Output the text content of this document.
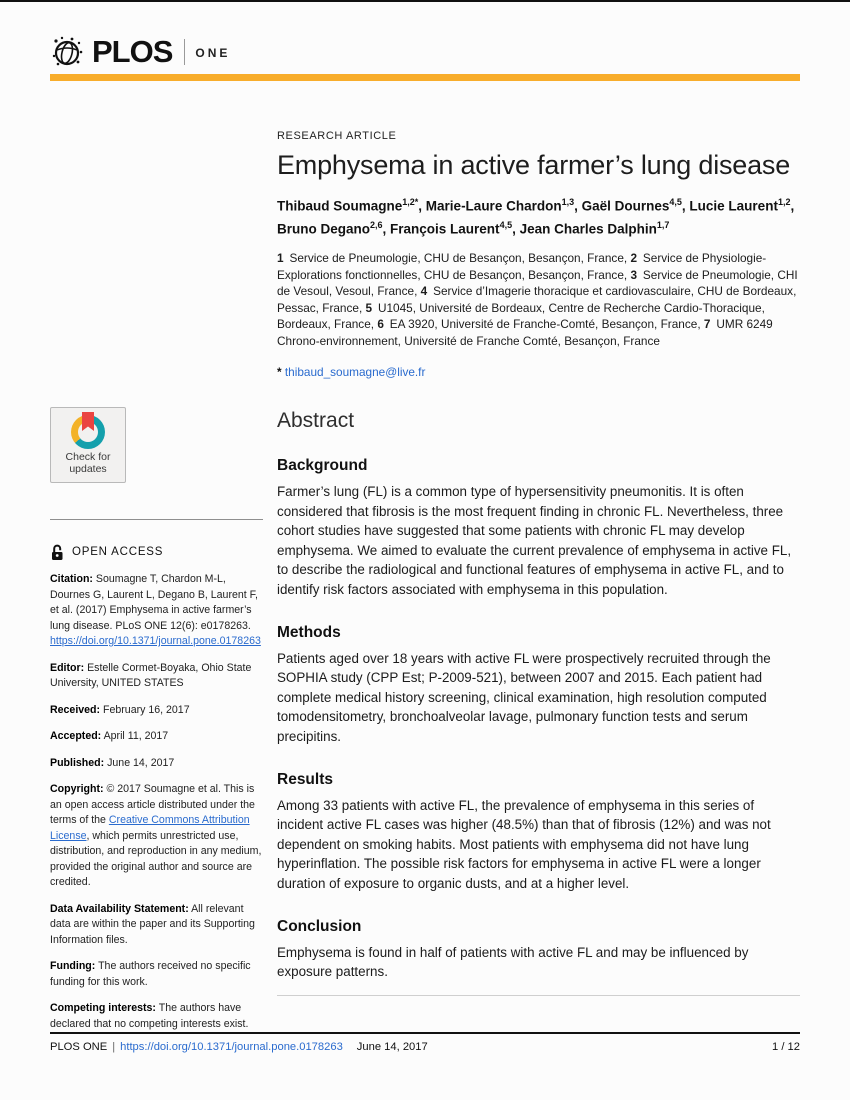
PLOS ONE
Check for
updates
OPEN ACCESS

Citation: Soumagne T, Chardon M-L, Dournes G, Laurent L, Degano B, Laurent F, et al. (2017) Emphysema in active farmer’s lung disease. PLoS ONE 12(6): e0178263. https://doi.org/10.1371/journal.pone.0178263

Editor: Estelle Cormet-Boyaka, Ohio State University, UNITED STATES

Received: February 16, 2017

Accepted: April 11, 2017

Published: June 14, 2017

Copyright: © 2017 Soumagne et al. This is an open access article distributed under the terms of the Creative Commons Attribution License, which permits unrestricted use, distribution, and reproduction in any medium, provided the original author and source are credited.

Data Availability Statement: All relevant data are within the paper and its Supporting Information files.

Funding: The authors received no specific funding for this work.

Competing interests: The authors have declared that no competing interests exist.

RESEARCH ARTICLE
Emphysema in active farmer’s lung disease

Thibaud Soumagne$^{1,2*}$, Marie-Laure Chardon$^{1,3}$, Gaël Dournes$^{4,5}$, Lucie Laurent$^{1,2}$, Bruno Degano$^{2,6}$, François Laurent$^{4,5}$, Jean Charles Dalphin$^{1,7}$

1 Service de Pneumologie, CHU de Besançon, Besançon, France, 2 Service de Physiologie-Explorations fonctionnelles, CHU de Besançon, Besançon, France, 3 Service de Pneumologie, CHI de Vesoul, Vesoul, France, 4 Service d’Imagerie thoracique et cardiovasculaire, CHU de Bordeaux, Pessac, France, 5 U1045, Université de Bordeaux, Centre de Recherche Cardio-Thoracique, Bordeaux, France, 6 EA 3920, Université de Franche-Comté, Besançon, France, 7 UMR 6249 Chrono-environnement, Université de Franche Comté, Besançon, France

* thibaud_soumagne@live.fr

Abstract
Background

Farmer’s lung (FL) is a common type of hypersensitivity pneumonitis. It is often considered that fibrosis is the most frequent finding in chronic FL. Nevertheless, three cohort studies have suggested that some patients with chronic FL may develop emphysema. We aimed to evaluate the current prevalence of emphysema in active FL, to describe the radiological and functional features of emphysema in active FL, and to identify risk factors associated with emphysema in this population.

Methods

Patients aged over 18 years with active FL were prospectively recruited through the SOPHIA study (CPP Est; P-2009-521), between 2007 and 2015. Each patient had complete medical history screening, clinical examination, high resolution computed tomodensitometry, bronchoalveolar lavage, pulmonary function tests and serum precipitins.

Results

Among 33 patients with active FL, the prevalence of emphysema in this series of incident active FL cases was higher (48.5%) than that of fibrosis (12%) and was not dependent on smoking habits. Most patients with emphysema did not have lung hyperinflation. The possible risk factors for emphysema in active FL were a longer duration of exposure to organic dusts, and at a higher level.

Conclusion

Emphysema is found in half of patients with active FL and may be influenced by exposure patterns.

PLOS ONE | https://doi.org/10.1371/journal.pone.0178263 June 14, 2017	1 / 12
